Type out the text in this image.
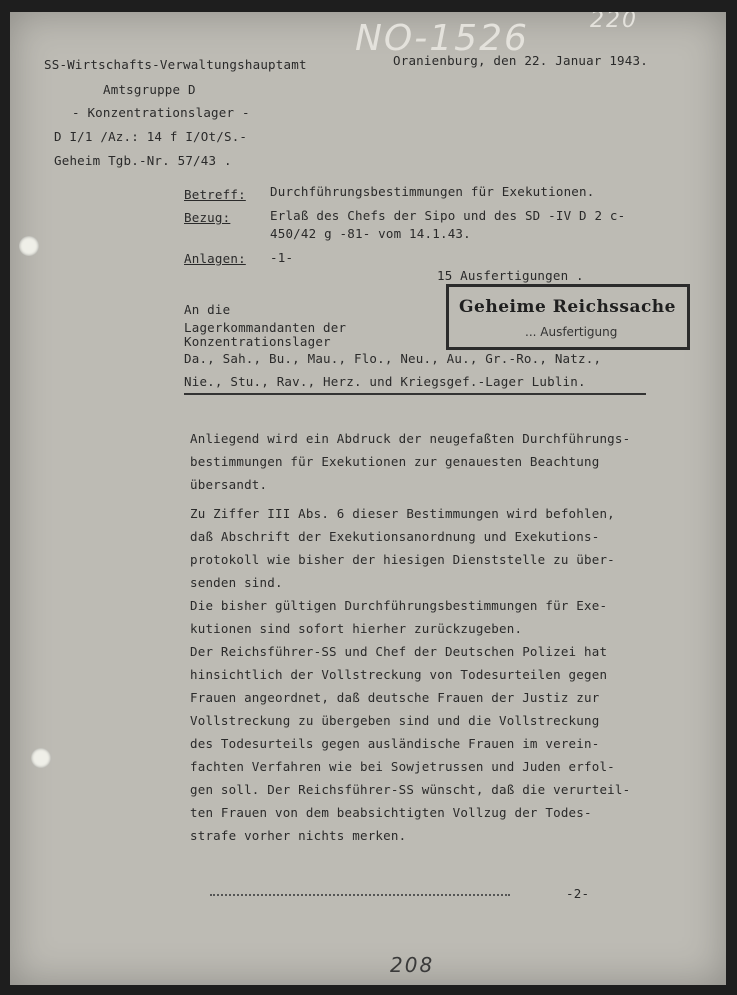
NO-1526	220
SS-Wirtschafts-Verwaltungshauptamt
Amtsgruppe D
- Konzentrationslager -
D I/1 /Az.: 14 f I/Ot/S.-
Geheim Tgb.-Nr. 57/43 .
Oranienburg, den 22. Januar 1943.
Betreff: Durchführungsbestimmungen für Exekutionen.
Bezug:	Erlaß des Chefs der Sipo und des SD -IV D 2 c-
450/42 g -81- vom 14.1.43.
Anlagen: -1-
15 Ausfertigungen .
Geheime Reichssache
... Ausfertigung
An die
Lagerkommandanten der
Konzentrationslager
Da., Sah., Bu., Mau., Flo., Neu., Au., Gr.-Ro., Natz.,
Nie., Stu., Rav., Herz. und Kriegsgef.-Lager Lublin.
Anliegend wird ein Abdruck der neugefaßten Durchführungs-
bestimmungen für Exekutionen zur genauesten Beachtung
übersandt.
Zu Ziffer III Abs. 6 dieser Bestimmungen wird befohlen,
daß Abschrift der Exekutionsanordnung und Exekutions-
protokoll wie bisher der hiesigen Dienststelle zu über-
senden sind.
Die bisher gültigen Durchführungsbestimmungen für Exe-
kutionen sind sofort hierher zurückzugeben.
Der Reichsführer-SS und Chef der Deutschen Polizei hat
hinsichtlich der Vollstreckung von Todesurteilen gegen
Frauen angeordnet, daß deutsche Frauen der Justiz zur
Vollstreckung zu übergeben sind und die Vollstreckung
des Todesurteils gegen ausländische Frauen im verein-
fachten Verfahren wie bei Sowjetrussen und Juden erfol-
gen soll. Der Reichsführer-SS wünscht, daß die verurteil-
ten Frauen von dem beabsichtigten Vollzug der Todes-
strafe vorher nichts merken.
-2-
208
